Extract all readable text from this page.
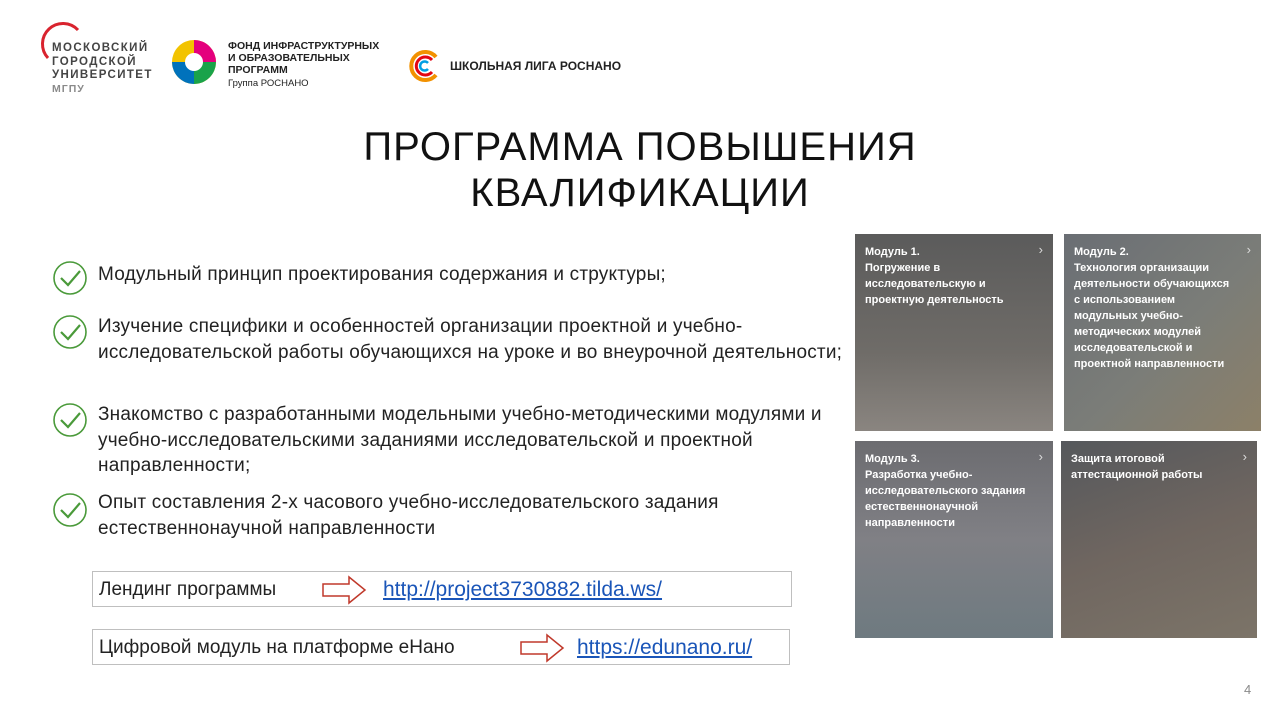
МОСКОВСКИЙ
ГОРОДСКОЙ
УНИВЕРСИТЕТ
МГПУ
ФОНД ИНФРАСТРУКТУРНЫХ
И ОБРАЗОВАТЕЛЬНЫХ
ПРОГРАММ
Группа РОСНАНО
ШКОЛЬНАЯ ЛИГА РОСНАНО
ПРОГРАММА ПОВЫШЕНИЯ
КВАЛИФИКАЦИИ
Модульный принцип проектирования содержания и структуры;
Изучение специфики и особенностей организации проектной и учебно-исследовательской работы обучающихся на уроке и во внеурочной деятельности;
Знакомство с разработанными модельными учебно-методическими модулями и учебно-исследовательскими заданиями исследовательской и проектной направленности;
Опыт составления 2-х часового учебно-исследовательского задания естественнонаучной направленности
Лендинг программы	http://project3730882.tilda.ws/
Цифровой модуль на платформе еНано	https://edunano.ru/
Модуль 1.
Погружение в
исследовательскую и
проектную деятельность
›	Модуль 2.
Технология организации
деятельности обучающихся
с использованием
модульных учебно-
методических модулей
исследовательской и
проектной направленности
›
Модуль 3.
Разработка учебно-
исследовательского задания
естественнонаучной
направленности
›	Защита итоговой
аттестационной работы
›
4
